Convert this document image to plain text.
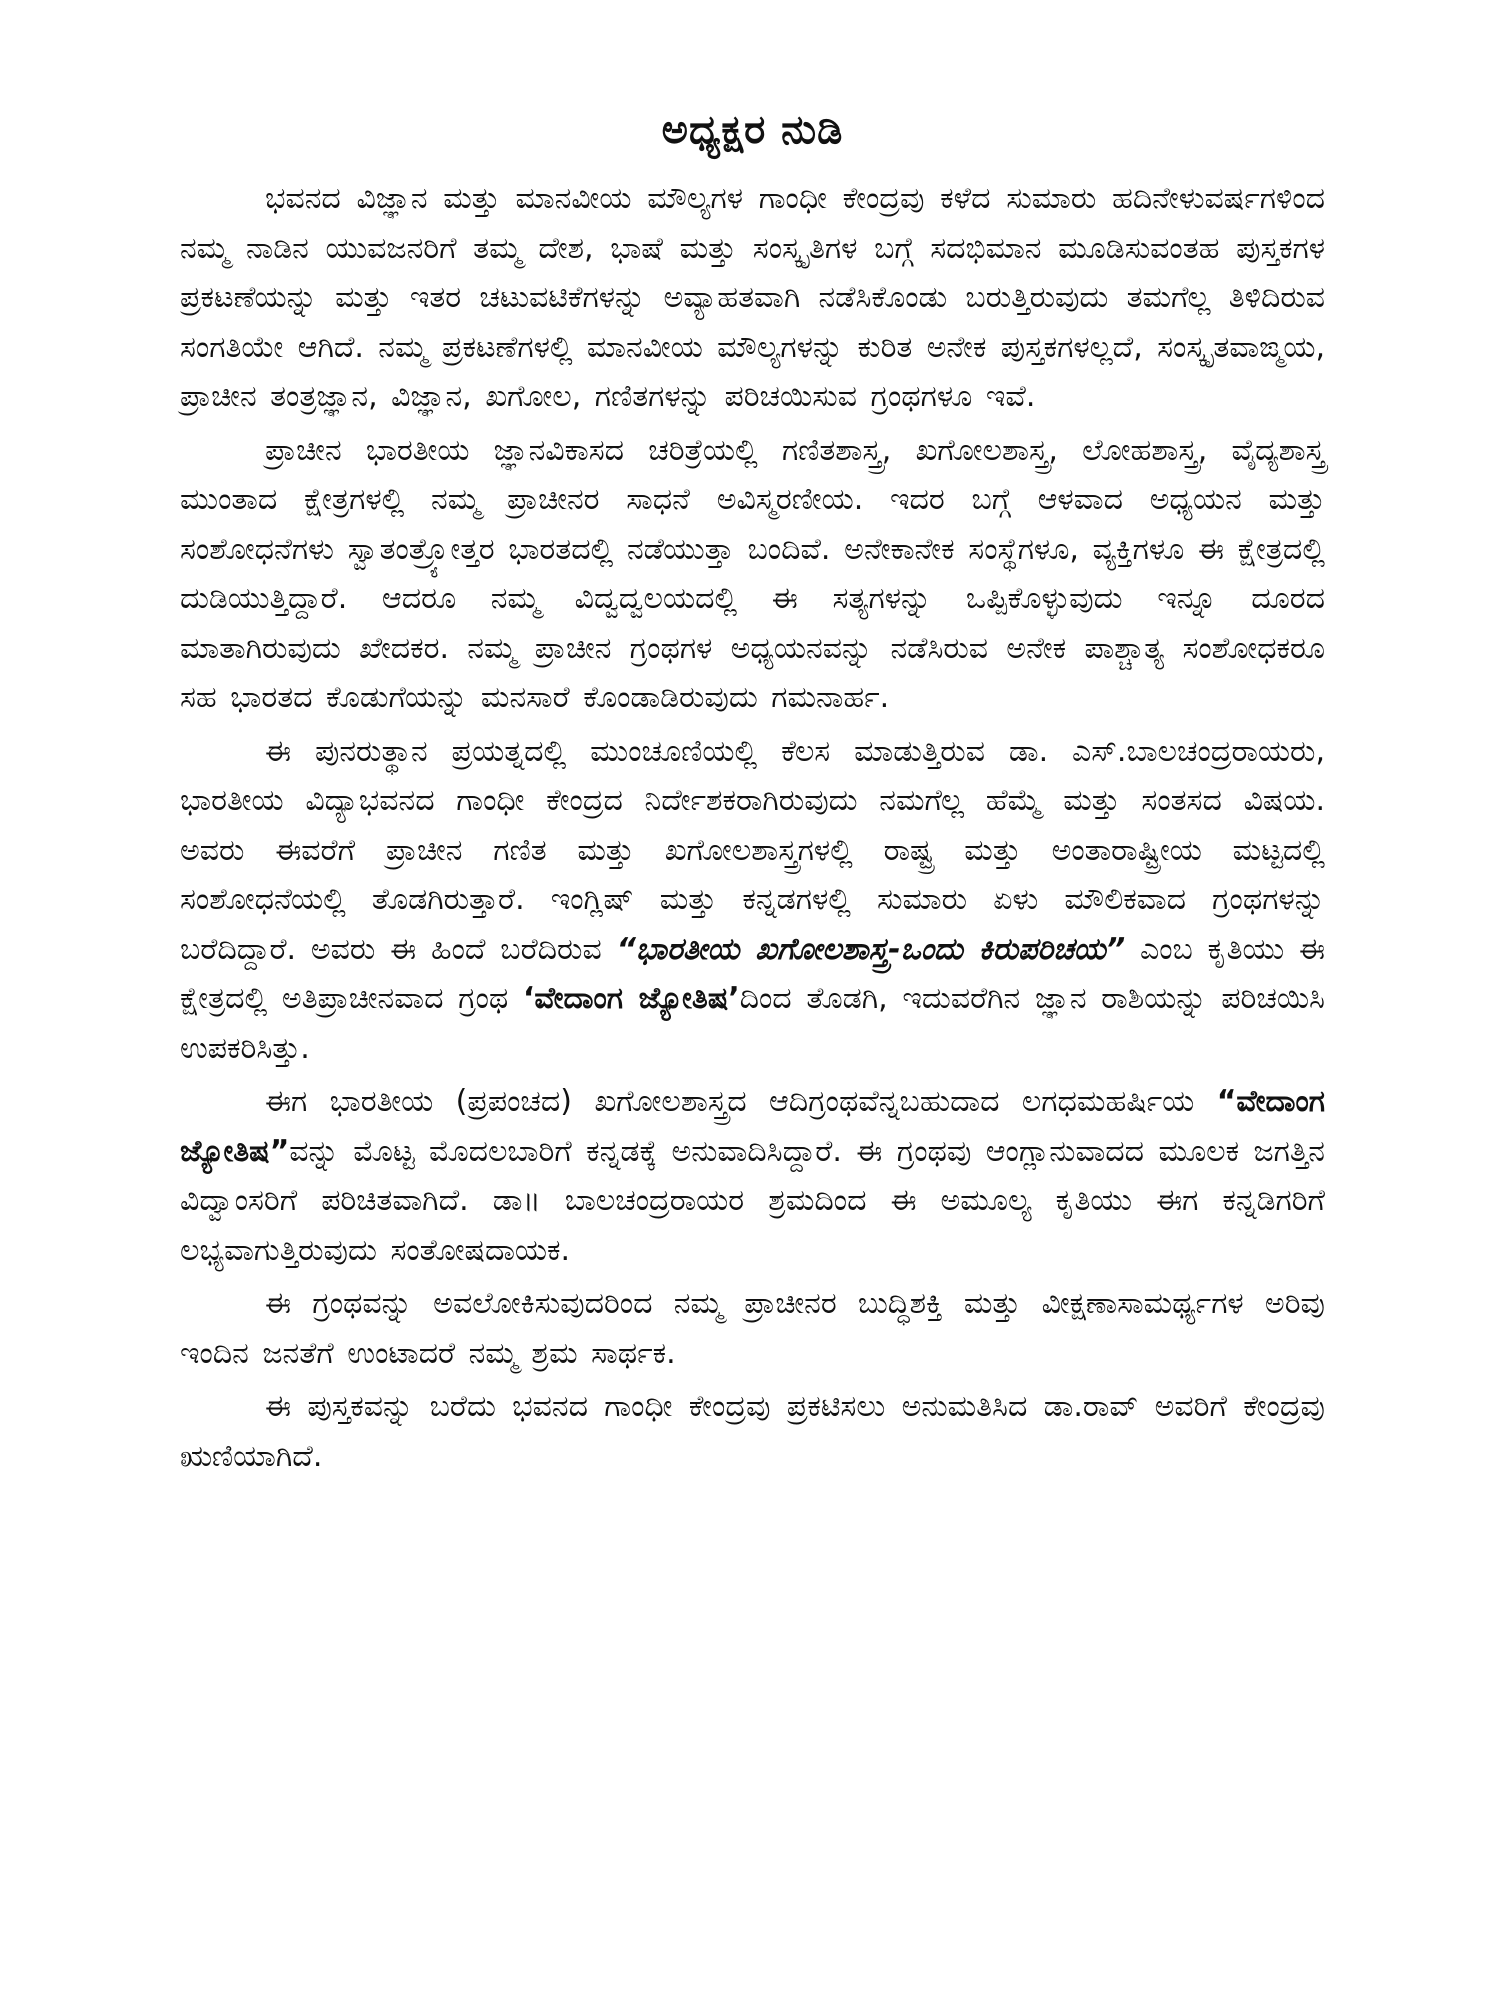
ಅಧ್ಯಕ್ಷರ ನುಡಿ

ಭವನದ ವಿಜ್ಞಾನ ಮತ್ತು ಮಾನವೀಯ ಮೌಲ್ಯಗಳ ಗಾಂಧೀ ಕೇಂದ್ರವು ಕಳೆದ ಸುಮಾರು ಹದಿನೇಳುವರ್ಷಗಳಿಂದ ನಮ್ಮ ನಾಡಿನ ಯುವಜನರಿಗೆ ತಮ್ಮ ದೇಶ, ಭಾಷೆ ಮತ್ತು ಸಂಸ್ಕೃತಿಗಳ ಬಗ್ಗೆ ಸದಭಿಮಾನ ಮೂಡಿಸುವಂತಹ ಪುಸ್ತಕಗಳ ಪ್ರಕಟಣೆಯನ್ನು ಮತ್ತು ಇತರ ಚಟುವಟಿಕೆಗಳನ್ನು ಅವ್ಯಾಹತವಾಗಿ ನಡೆಸಿಕೊಂಡು ಬರುತ್ತಿರುವುದು ತಮಗೆಲ್ಲ ತಿಳಿದಿರುವ ಸಂಗತಿಯೇ ಆಗಿದೆ. ನಮ್ಮ ಪ್ರಕಟಣೆಗಳಲ್ಲಿ ಮಾನವೀಯ ಮೌಲ್ಯಗಳನ್ನು ಕುರಿತ ಅನೇಕ ಪುಸ್ತಕಗಳಲ್ಲದೆ, ಸಂಸ್ಕೃತವಾಙ್ಮಯ, ಪ್ರಾಚೀನ ತಂತ್ರಜ್ಞಾನ, ವಿಜ್ಞಾನ, ಖಗೋಲ, ಗಣಿತಗಳನ್ನು ಪರಿಚಯಿಸುವ ಗ್ರಂಥಗಳೂ ಇವೆ.

ಪ್ರಾಚೀನ ಭಾರತೀಯ ಜ್ಞಾನವಿಕಾಸದ ಚರಿತ್ರೆಯಲ್ಲಿ ಗಣಿತಶಾಸ್ತ್ರ, ಖಗೋಲಶಾಸ್ತ್ರ, ಲೋಹಶಾಸ್ತ್ರ, ವೈದ್ಯಶಾಸ್ತ್ರ ಮುಂತಾದ ಕ್ಷೇತ್ರಗಳಲ್ಲಿ ನಮ್ಮ ಪ್ರಾಚೀನರ ಸಾಧನೆ ಅವಿಸ್ಮರಣೀಯ. ಇದರ ಬಗ್ಗೆ ಆಳವಾದ ಅಧ್ಯಯನ ಮತ್ತು ಸಂಶೋಧನೆಗಳು ಸ್ವಾತಂತ್ರ್ಯೋತ್ತರ ಭಾರತದಲ್ಲಿ ನಡೆಯುತ್ತಾ ಬಂದಿವೆ. ಅನೇಕಾನೇಕ ಸಂಸ್ಥೆಗಳೂ, ವ್ಯಕ್ತಿಗಳೂ ಈ ಕ್ಷೇತ್ರದಲ್ಲಿ ದುಡಿಯುತ್ತಿದ್ದಾರೆ. ಆದರೂ ನಮ್ಮ ವಿದ್ವದ್ವಲಯದಲ್ಲಿ ಈ ಸತ್ಯಗಳನ್ನು ಒಪ್ಪಿಕೊಳ್ಳುವುದು ಇನ್ನೂ ದೂರದ ಮಾತಾಗಿರುವುದು ಖೇದಕರ. ನಮ್ಮ ಪ್ರಾಚೀನ ಗ್ರಂಥಗಳ ಅಧ್ಯಯನವನ್ನು ನಡೆಸಿರುವ ಅನೇಕ ಪಾಶ್ಚಾತ್ಯ ಸಂಶೋಧಕರೂ ಸಹ ಭಾರತದ ಕೊಡುಗೆಯನ್ನು ಮನಸಾರೆ ಕೊಂಡಾಡಿರುವುದು ಗಮನಾರ್ಹ.

ಈ ಪುನರುತ್ಥಾನ ಪ್ರಯತ್ನದಲ್ಲಿ ಮುಂಚೂಣಿಯಲ್ಲಿ ಕೆಲಸ ಮಾಡುತ್ತಿರುವ ಡಾ. ಎಸ್.ಬಾಲಚಂದ್ರರಾಯರು, ಭಾರತೀಯ ವಿದ್ಯಾಭವನದ ಗಾಂಧೀ ಕೇಂದ್ರದ ನಿರ್ದೇಶಕರಾಗಿರುವುದು ನಮಗೆಲ್ಲ ಹೆಮ್ಮೆ ಮತ್ತು ಸಂತಸದ ವಿಷಯ. ಅವರು ಈವರೆಗೆ ಪ್ರಾಚೀನ ಗಣಿತ ಮತ್ತು ಖಗೋಲಶಾಸ್ತ್ರಗಳಲ್ಲಿ ರಾಷ್ಟ್ರ ಮತ್ತು ಅಂತಾರಾಷ್ಟ್ರೀಯ ಮಟ್ಟದಲ್ಲಿ ಸಂಶೋಧನೆಯಲ್ಲಿ ತೊಡಗಿರುತ್ತಾರೆ. ಇಂಗ್ಲಿಷ್ ಮತ್ತು ಕನ್ನಡಗಳಲ್ಲಿ ಸುಮಾರು ಏಳು ಮೌಲಿಕವಾದ ಗ್ರಂಥಗಳನ್ನು ಬರೆದಿದ್ದಾರೆ. ಅವರು ಈ ಹಿಂದೆ ಬರೆದಿರುವ “ಭಾರತೀಯ ಖಗೋಲಶಾಸ್ತ್ರ-ಒಂದು ಕಿರುಪರಿಚಯ” ಎಂಬ ಕೃತಿಯು ಈ ಕ್ಷೇತ್ರದಲ್ಲಿ ಅತಿಪ್ರಾಚೀನವಾದ ಗ್ರಂಥ ‘ವೇದಾಂಗ ಜ್ಯೋತಿಷ’ದಿಂದ ತೊಡಗಿ, ಇದುವರೆಗಿನ ಜ್ಞಾನ ರಾಶಿಯನ್ನು ಪರಿಚಯಿಸಿ ಉಪಕರಿಸಿತ್ತು.

ಈಗ ಭಾರತೀಯ (ಪ್ರಪಂಚದ) ಖಗೋಲಶಾಸ್ತ್ರದ ಆದಿಗ್ರಂಥವೆನ್ನಬಹುದಾದ ಲಗಧಮಹರ್ಷಿಯ “ವೇದಾಂಗ ಜ್ಯೋತಿಷ”ವನ್ನು ಮೊಟ್ಟ ಮೊದಲಬಾರಿಗೆ ಕನ್ನಡಕ್ಕೆ ಅನುವಾದಿಸಿದ್ದಾರೆ. ಈ ಗ್ರಂಥವು ಆಂಗ್ಲಾನುವಾದದ ಮೂಲಕ ಜಗತ್ತಿನ ವಿದ್ವಾಂಸರಿಗೆ ಪರಿಚಿತವಾಗಿದೆ. ಡಾ॥ ಬಾಲಚಂದ್ರರಾಯರ ಶ್ರಮದಿಂದ ಈ ಅಮೂಲ್ಯ ಕೃತಿಯು ಈಗ ಕನ್ನಡಿಗರಿಗೆ ಲಭ್ಯವಾಗುತ್ತಿರುವುದು ಸಂತೋಷದಾಯಕ.

ಈ ಗ್ರಂಥವನ್ನು ಅವಲೋಕಿಸುವುದರಿಂದ ನಮ್ಮ ಪ್ರಾಚೀನರ ಬುದ್ಧಿಶಕ್ತಿ ಮತ್ತು ವೀಕ್ಷಣಾಸಾಮರ್ಥ್ಯಗಳ ಅರಿವು ಇಂದಿನ ಜನತೆಗೆ ಉಂಟಾದರೆ ನಮ್ಮ ಶ್ರಮ ಸಾರ್ಥಕ.

ಈ ಪುಸ್ತಕವನ್ನು ಬರೆದು ಭವನದ ಗಾಂಧೀ ಕೇಂದ್ರವು ಪ್ರಕಟಿಸಲು ಅನುಮತಿಸಿದ ಡಾ.ರಾವ್ ಅವರಿಗೆ ಕೇಂದ್ರವು ಋಣಿಯಾಗಿದೆ.
